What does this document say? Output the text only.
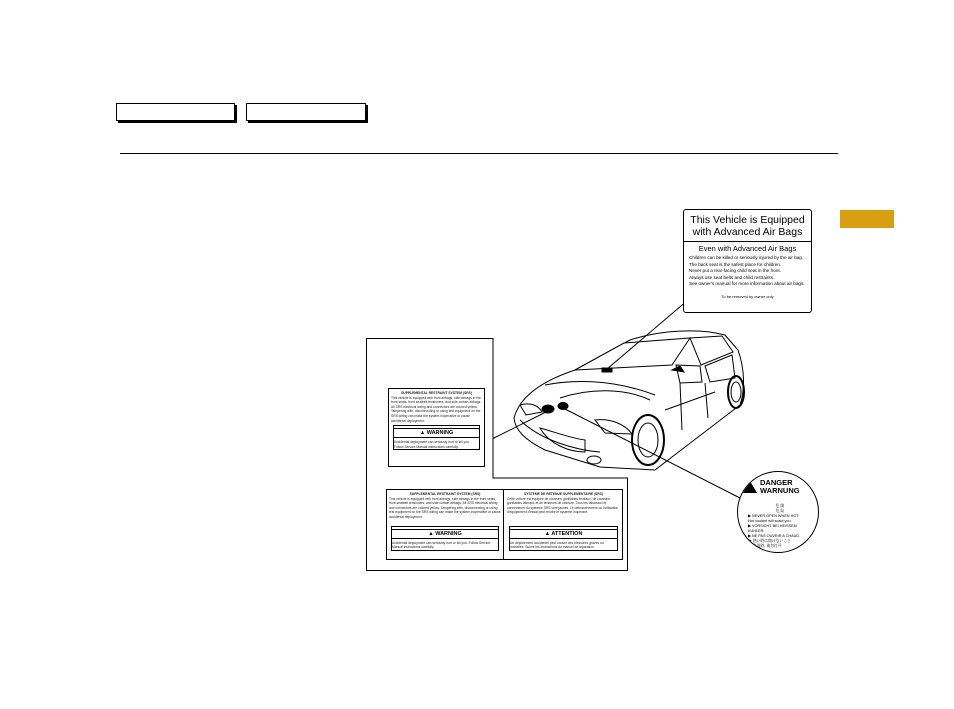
This Vehicle is Equipped with Advanced Air Bags
Even with Advanced Air Bags
Children can be killed or seriously injured by the air bag.
The back seat is the safest place for children.
Never put a rear-facing child seat in the front.
Always use seat belts and child restraints.
See owner's manual for more information about air bags.
To be removed by owner only
SUPPLEMENTAL RESTRAINT SYSTEM (SRS)
This vehicle is equipped with front airbags, side airbags in the front seats, front seatbelt tensioners, and side curtain airbags. All SRS electrical wiring and connectors are colored yellow. Tampering with, disconnecting or using test equipment on the SRS wiring can make the system inoperative or cause accidental deployment.
▲ WARNING
Accidental deployment can seriously hurt or kill you. Follow Service Manual instructions carefully.
SUPPLEMENTAL RESTRAINT SYSTEM (SRS)
This vehicle is equipped with front airbags, side airbags in the front seats, front seatbelt tensioners, and side curtain airbags. All SRS electrical wiring and connectors are colored yellow. Tampering with, disconnecting or using test equipment on the SRS wiring can make the system inoperative or cause accidental deployment.
▲ WARNING
Accidental deployment can seriously hurt or kill you. Follow Service Manual instructions carefully.
SYSTEME DE RETENUE SUPPLEMENTAIRE (SRS)
Cette voiture est equipee de coussins gonflables frontaux, de coussins gonflables lateraux et de tendeurs de ceinture. Tous les faisceaux et connecteurs du systeme SRS sont jaunes. Le debranchement ou l'utilisation d'equipement d'essai peut rendre le systeme inoperant.
▲ ATTENTION
Un deploiement accidentel peut causer des blessures graves ou mortelles. Suivre les instructions du manuel de reparation.
DANGER
WARNUNG
危 険
危 险
▶ NEVER OPEN WHEN HOT.
Hot coolant will scald you.
▶ VORSICHT BEI HEISSEM KUHLER.
▶ NE PAS OUVRIR A CHAUD.
▶ 熱い時は開けないこと
▶ 高温時, 请勿打开
